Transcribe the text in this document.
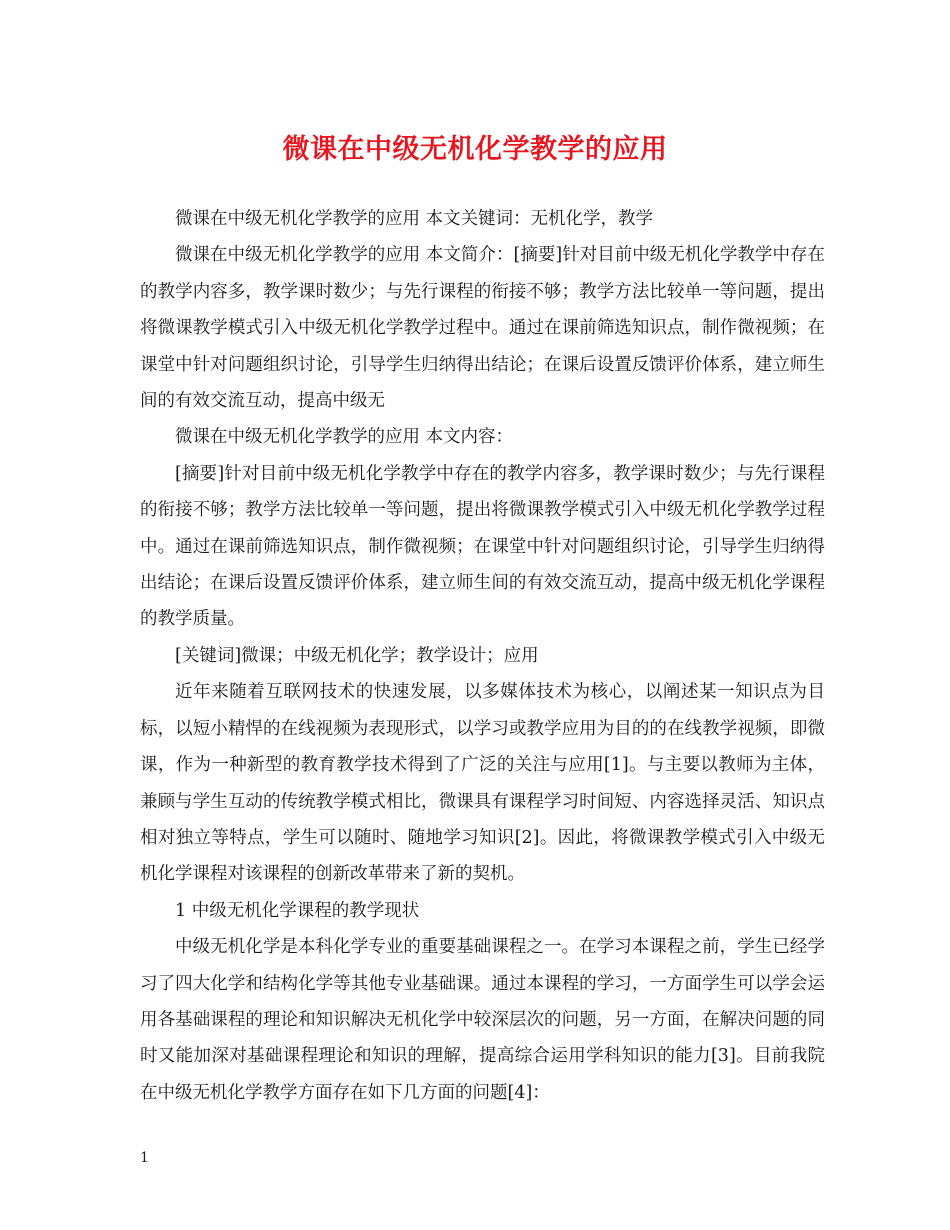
微课在中级无机化学教学的应用

微课在中级无机化学教学的应用 本文关键词：无机化学，教学

微课在中级无机化学教学的应用 本文简介：[摘要]针对目前中级无机化学教学中存在的教学内容多，教学课时数少；与先行课程的衔接不够；教学方法比较单一等问题，提出将微课教学模式引入中级无机化学教学过程中。通过在课前筛选知识点，制作微视频；在课堂中针对问题组织讨论，引导学生归纳得出结论；在课后设置反馈评价体系，建立师生间的有效交流互动，提高中级无

微课在中级无机化学教学的应用 本文内容：

[摘要]针对目前中级无机化学教学中存在的教学内容多，教学课时数少；与先行课程的衔接不够；教学方法比较单一等问题，提出将微课教学模式引入中级无机化学教学过程中。通过在课前筛选知识点，制作微视频；在课堂中针对问题组织讨论，引导学生归纳得出结论；在课后设置反馈评价体系，建立师生间的有效交流互动，提高中级无机化学课程的教学质量。

[关键词]微课；中级无机化学；教学设计；应用

近年来随着互联网技术的快速发展，以多媒体技术为核心，以阐述某一知识点为目标，以短小精悍的在线视频为表现形式，以学习或教学应用为目的的在线教学视频，即微课，作为一种新型的教育教学技术得到了广泛的关注与应用[1]。与主要以教师为主体，兼顾与学生互动的传统教学模式相比，微课具有课程学习时间短、内容选择灵活、知识点相对独立等特点，学生可以随时、随地学习知识[2]。因此，将微课教学模式引入中级无机化学课程对该课程的创新改革带来了新的契机。

1 中级无机化学课程的教学现状

中级无机化学是本科化学专业的重要基础课程之一。在学习本课程之前，学生已经学习了四大化学和结构化学等其他专业基础课。通过本课程的学习，一方面学生可以学会运用各基础课程的理论和知识解决无机化学中较深层次的问题，另一方面，在解决问题的同时又能加深对基础课程理论和知识的理解，提高综合运用学科知识的能力[3]。目前我院在中级无机化学教学方面存在如下几方面的问题[4]：

1
